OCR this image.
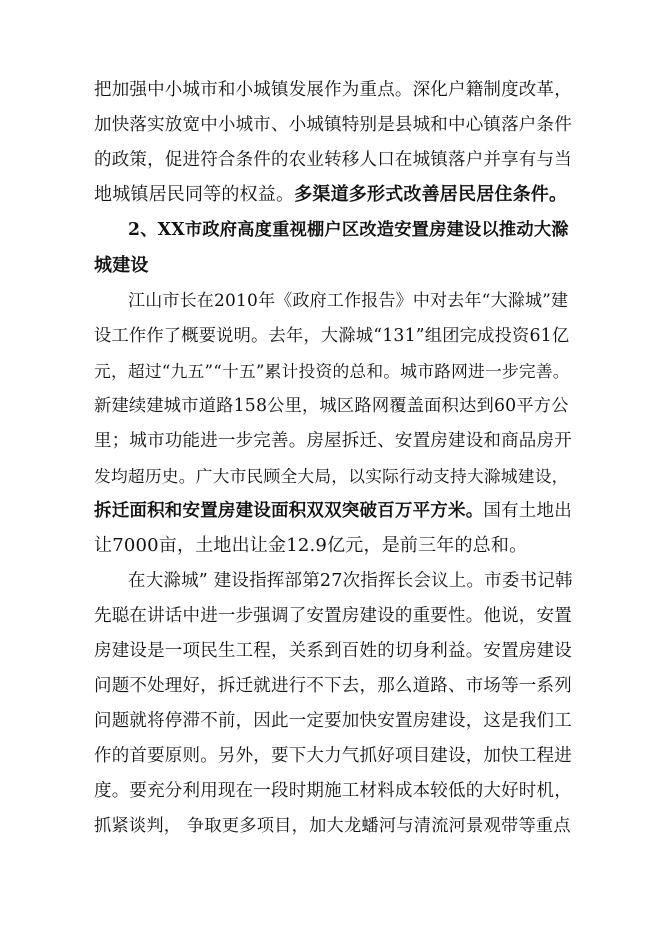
把加强中小城市和小城镇发展作为重点。深化户籍制度改革，
加快落实放宽中小城市、小城镇特别是县城和中心镇落户条件
的政策，促进符合条件的农业转移人口在城镇落户并享有与当
地城镇居民同等的权益。多渠道多形式改善居民居住条件。
2、XX市政府高度重视棚户区改造安置房建设以推动大滁
城建设
江山市长在2010年《政府工作报告》中对去年“大滁城”建
设工作作了概要说明。去年，大滁城“131”组团完成投资61亿
元，超过“九五”“十五”累计投资的总和。城市路网进一步完善。
新建续建城市道路158公里，城区路网覆盖面积达到60平方公
里；城市功能进一步完善。房屋拆迁、安置房建设和商品房开
发均超历史。广大市民顾全大局，以实际行动支持大滁城建设，
拆迁面积和安置房建设面积双双突破百万平方米。国有土地出
让7000亩，土地出让金12.9亿元，是前三年的总和。
在大滁城” 建设指挥部第27次指挥长会议上。市委书记韩
先聪在讲话中进一步强调了安置房建设的重要性。他说，安置
房建设是一项民生工程，关系到百姓的切身利益。安置房建设
问题不处理好，拆迁就进行不下去，那么道路、市场等一系列
问题就将停滞不前，因此一定要加快安置房建设，这是我们工
作的首要原则。另外，要下大力气抓好项目建设，加快工程进
度。要充分利用现在一段时期施工材料成本较低的大好时机，
抓紧谈判， 争取更多项目，加大龙蟠河与清流河景观带等重点
